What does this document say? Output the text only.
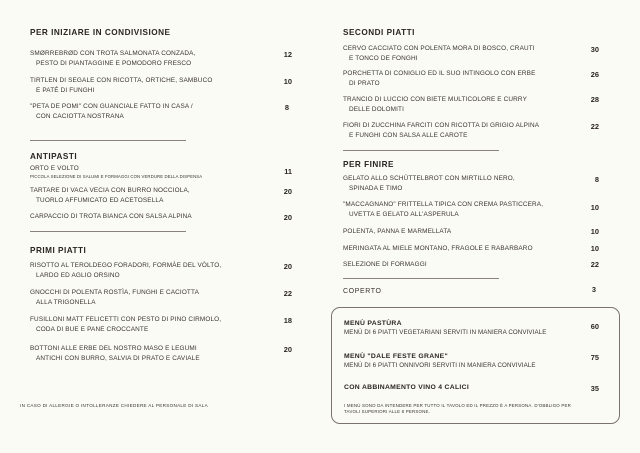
PER INIZIARE IN CONDIVISIONE
SMØRREBRØD CON TROTA SALMONATA CONZADA,
PESTO DI PIANTAGGINE E POMODORO FRESCO
12
TIRTLEN DI SEGALE CON RICOTTA, ORTICHE, SAMBUCO
E PATÉ DI FUNGHI
10
"PETA DE POMI" CON GUANCIALE FATTO IN CASA /
CON CACIOTTA NOSTRANA
8
ANTIPASTI
ORTO E VOLTO
PICCOLA SELEZIONE DI SALUMI E FORMAGGI CON VERDURE DELLA DISPENSA
11
TARTARE DI VACA VECIA CON BURRO NOCCIOLA,
TUORLO AFFUMICATO ED ACETOSELLA
20
CARPACCIO DI TROTA BIANCA CON SALSA ALPINA	20
PRIMI PIATTI
RISOTTO AL TEROLDEGO FORADORI, FORMÀE DEL VÒLTO,
LARDO ED AGLIO ORSINO
20
GNOCCHI DI POLENTA ROSTÌA, FUNGHI E CACIOTTA
ALLA TRIGONELLA
22
FUSILLONI MATT FELICETTI CON PESTO DI PINO CIRMOLO,
CODA DI BUE E PANE CROCCANTE
18
BOTTONI ALLE ERBE DEL NOSTRO MASO E LEGUMI
ANTICHI CON BURRO, SALVIA DI PRATO E CAVIALE
20
IN CASO DI ALLERGIE O INTOLLERANZE CHIEDERE AL PERSONALE DI SALA
SECONDI PIATTI
CERVO CACCIATO CON POLENTA MORA DI BOSCO, CRAUTI
E TONCO DE FONGHI
30
PORCHETTA DI CONIGLIO ED IL SUO INTINGOLO CON ERBE
DI PRATO
26
TRANCIO DI LUCCIO CON BIETE MULTICOLORE E CURRY
DELLE DOLOMITI
28
FIORI DI ZUCCHINA FARCITI CON RICOTTA DI GRIGIO ALPINA
E FUNGHI CON SALSA ALLE CAROTE
22
PER FINIRE
GELATO ALLO SCHÜTTELBROT CON MIRTILLO NERO,
SPINADA E TIMO
8
"MACCAGNANO" FRITTELLA TIPICA CON CREMA PASTICCERA,
UVETTA E GELATO ALL'ASPERULA
10
POLENTA, PANNA E MARMELLATA	10
MERINGATA AL MIELE MONTANO, FRAGOLE E RABARBARO	10
SELEZIONE DI FORMAGGI	22
COPERTO	3
MENÙ PASTÙRA
MENÙ DI 6 PIATTI VEGETARIANI SERVITI IN MANIERA CONVIVIALE
60
MENÙ "DALE FESTE GRANE"
MENÙ DI 6 PIATTI ONNIVORI SERVITI IN MANIERA CONVIVIALE
75
CON ABBINAMENTO VINO 4 CALICI	35
I MENÙ SONO DA INTENDERE PER TUTTO IL TAVOLO ED IL PREZZO È A PERSONA. D'OBBLIGO PER TAVOLI SUPERIORI ALLE 8 PERSONE.
